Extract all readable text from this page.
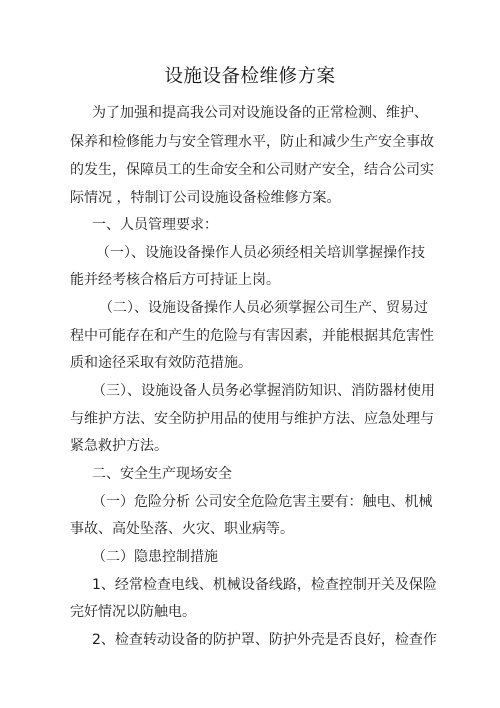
设施设备检维修方案
为了加强和提高我公司对设施设备的正常检测、维护、
保养和检修能力与安全管理水平，防止和减少生产安全事故
的发生，保障员工的生命安全和公司财产安全，结合公司实
际情况 ，特制订公司设施设备检维修方案。
一、人员管理要求：
（一）、设施设备操作人员必须经相关培训掌握操作技
能并经考核合格后方可持证上岗。
（二）、设施设备操作人员必须掌握公司生产、贸易过
程中可能存在和产生的危险与有害因素，并能根据其危害性
质和途径采取有效防范措施。
（三）、设施设备人员务必掌握消防知识、消防器材使用
与维护方法、安全防护用品的使用与维护方法、应急处理与
紧急救护方法。
二、安全生产现场安全
（一）危险分析 公司安全危险危害主要有：触电、机械
事故、高处坠落、火灾、职业病等。
（二）隐患控制措施
1、经常检查电线、机械设备线路，检查控制开关及保险
完好情况以防触电。
2、检查转动设备的防护罩、防护外壳是否良好，检查作
